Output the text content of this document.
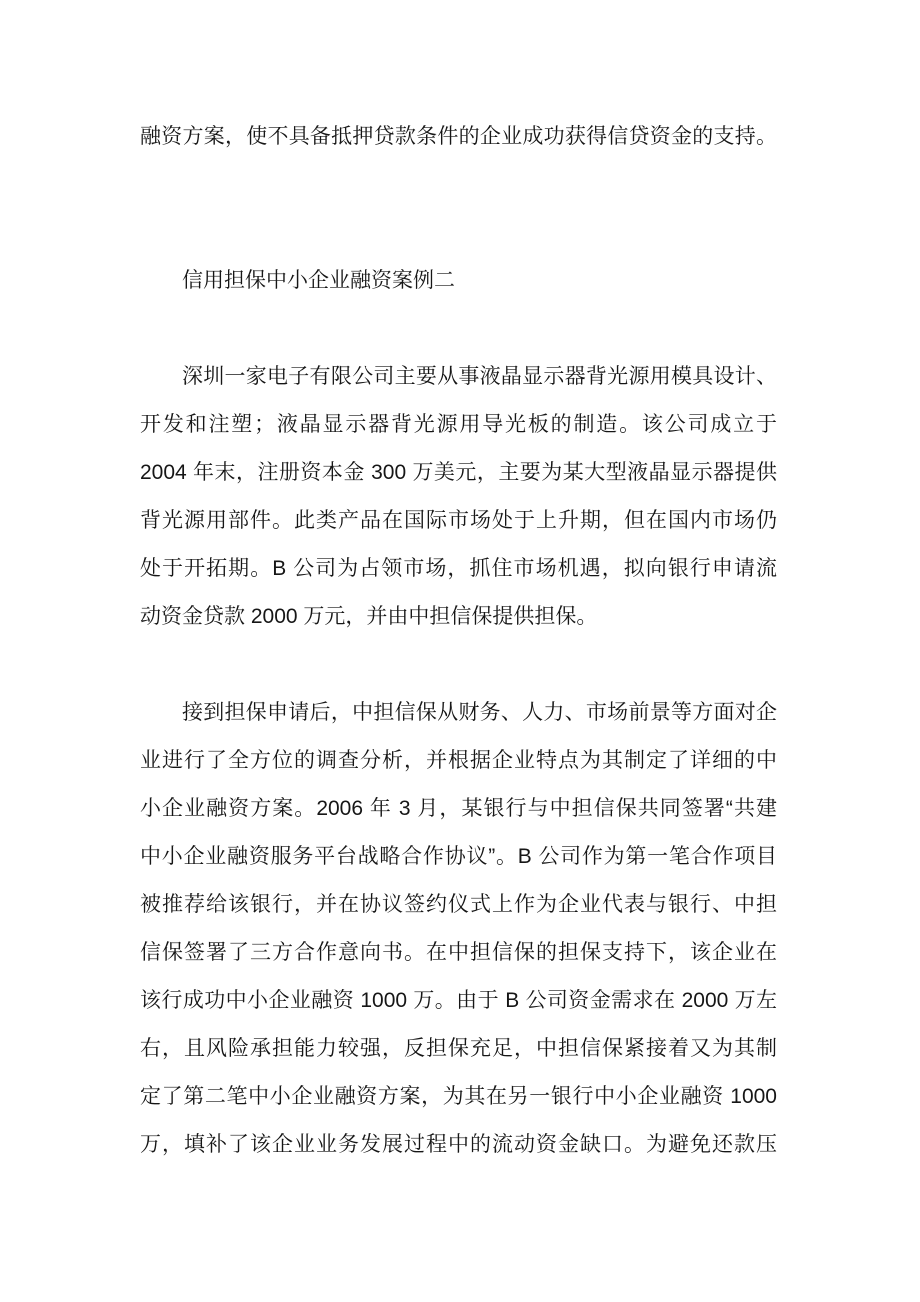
融资方案，使不具备抵押贷款条件的企业成功获得信贷资金的支持。
信用担保中小企业融资案例二
深圳一家电子有限公司主要从事液晶显示器背光源用模具设计、
开发和注塑；液晶显示器背光源用导光板的制造。该公司成立于
2004 年末，注册资本金 300 万美元，主要为某大型液晶显示器提供
背光源用部件。此类产品在国际市场处于上升期，但在国内市场仍
处于开拓期。B 公司为占领市场，抓住市场机遇，拟向银行申请流
动资金贷款 2000 万元，并由中担信保提供担保。
接到担保申请后，中担信保从财务、人力、市场前景等方面对企
业进行了全方位的调查分析，并根据企业特点为其制定了详细的中
小企业融资方案。2006 年 3 月，某银行与中担信保共同签署“共建
中小企业融资服务平台战略合作协议”。B 公司作为第一笔合作项目
被推荐给该银行，并在协议签约仪式上作为企业代表与银行、中担
信保签署了三方合作意向书。在中担信保的担保支持下，该企业在
该行成功中小企业融资 1000 万。由于 B 公司资金需求在 2000 万左
右，且风险承担能力较强，反担保充足，中担信保紧接着又为其制
定了第二笔中小企业融资方案，为其在另一银行中小企业融资 1000
万，填补了该企业业务发展过程中的流动资金缺口。为避免还款压
